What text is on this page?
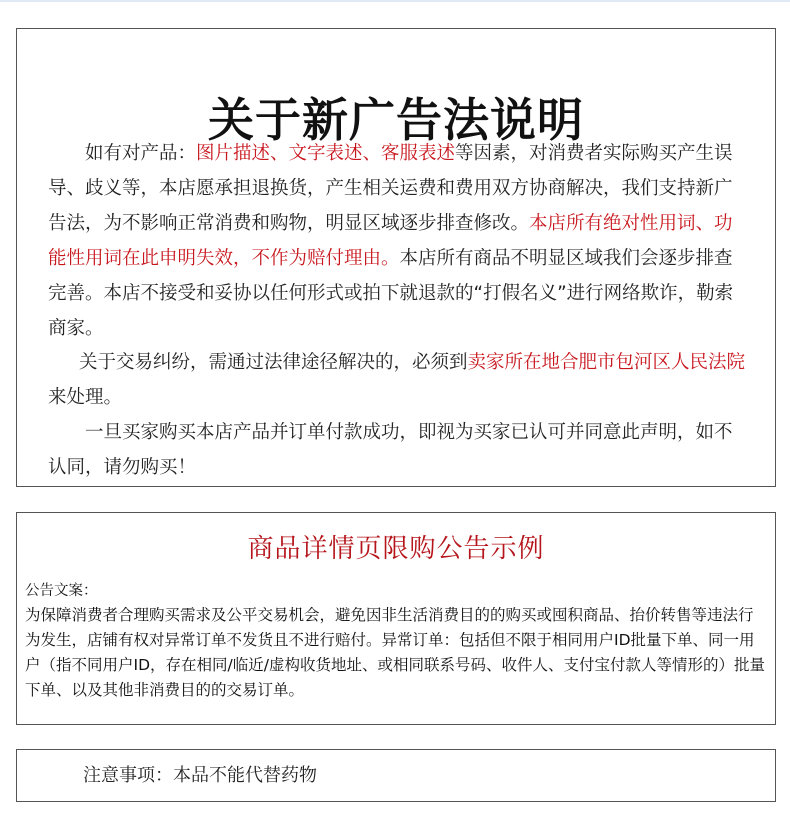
关于新广告法说明

如有对产品：图片描述、文字表述、客服表述等因素，对消费者实际购买产生误导、歧义等，本店愿承担退换货，产生相关运费和费用双方协商解决，我们支持新广告法，为不影响正常消费和购物，明显区域逐步排查修改。本店所有绝对性用词、功能性用词在此申明失效，不作为赔付理由。本店所有商品不明显区域我们会逐步排查完善。本店不接受和妥协以任何形式或拍下就退款的“打假名义”进行网络欺诈，勒索商家。

关于交易纠纷，需通过法律途径解决的，必须到卖家所在地合肥市包河区人民法院来处理。

一旦买家购买本店产品并订单付款成功，即视为买家已认可并同意此声明，如不认同，请勿购买！

商品详情页限购公告示例
公告文案：

为保障消费者合理购买需求及公平交易机会，避免因非生活消费目的的购买或囤积商品、抬价转售等违法行为发生，店铺有权对异常订单不发货且不进行赔付。异常订单：包括但不限于相同用户ID批量下单、同一用户（指不同用户ID，存在相同/临近/虚构收货地址、或相同联系号码、收件人、支付宝付款人等情形的）批量下单、以及其他非消费目的的交易订单。

注意事项：本品不能代替药物
